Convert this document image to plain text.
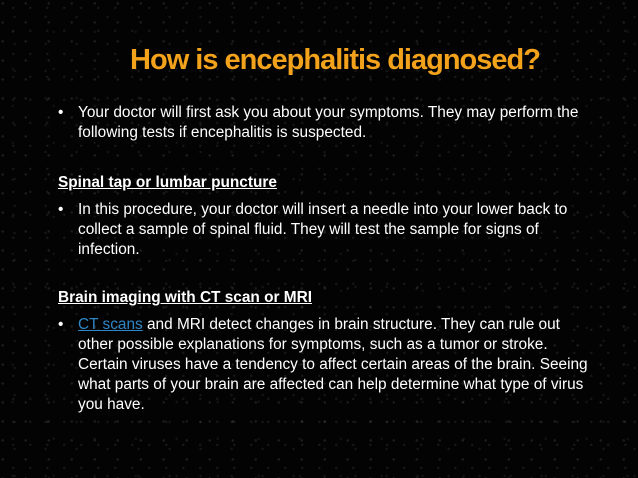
How is encephalitis diagnosed?

• Your doctor will first ask you about your symptoms. They may perform the following tests if encephalitis is suspected.

Spinal tap or lumbar puncture

• In this procedure, your doctor will insert a needle into your lower back to collect a sample of spinal fluid. They will test the sample for signs of infection.

Brain imaging with CT scan or MRI

• CT scans and MRI detect changes in brain structure. They can rule out other possible explanations for symptoms, such as a tumor or stroke. Certain viruses have a tendency to affect certain areas of the brain. Seeing what parts of your brain are affected can help determine what type of virus you have.
